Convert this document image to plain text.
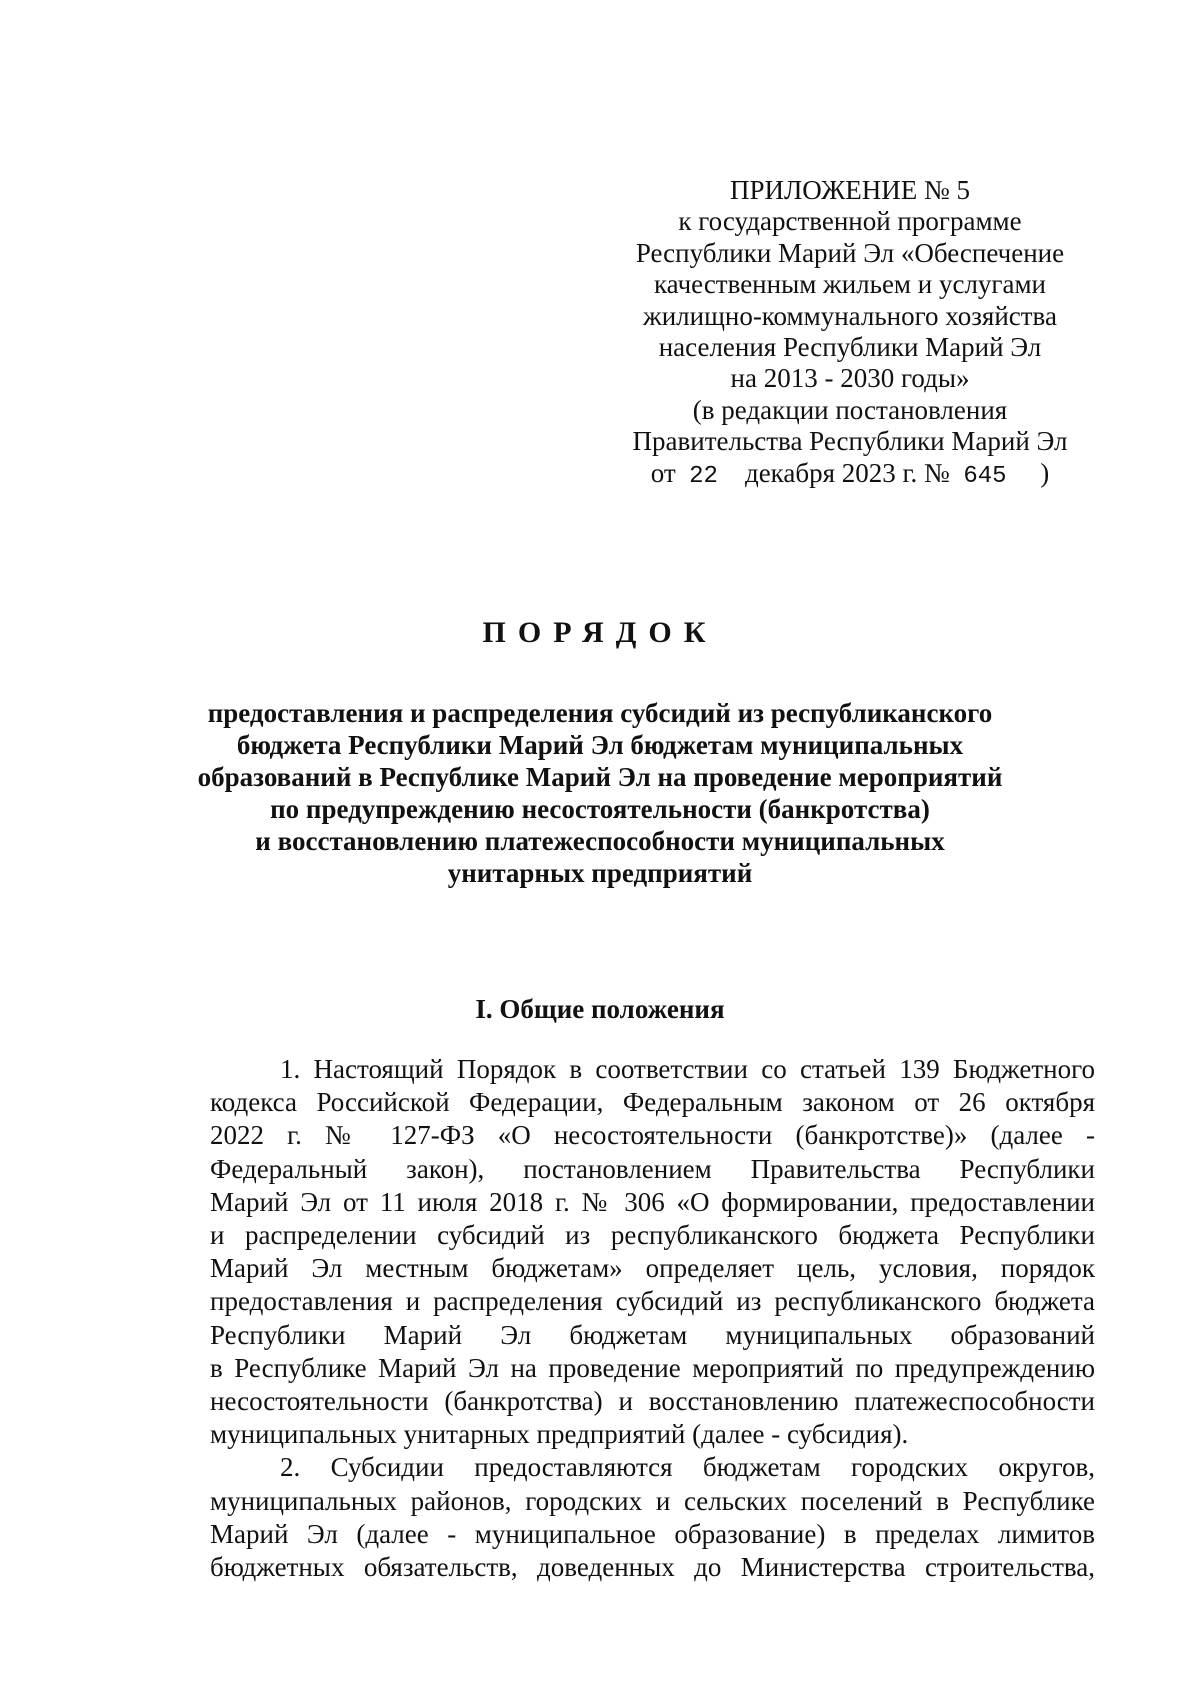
ПРИЛОЖЕНИЕ № 5
к государственной программе
Республики Марий Эл «Обеспечение
качественным жильем и услугами
жилищно-коммунального хозяйства
населения Республики Марий Эл
на 2013 - 2030 годы»
(в редакции постановления
Правительства Республики Марий Эл
от 22 декабря 2023 г. № 645 )
ПОРЯДОК
предоставления и распределения субсидий из республиканского
бюджета Республики Марий Эл бюджетам муниципальных
образований в Республике Марий Эл на проведение мероприятий
по предупреждению несостоятельности (банкротства)
и восстановлению платежеспособности муниципальных
унитарных предприятий
I. Общие положения
1. Настоящий Порядок в соответствии со статьей 139 Бюджетного
кодекса Российской Федерации, Федеральным законом от 26 октября
2022 г. № 127-ФЗ «О несостоятельности (банкротстве)» (далее -
Федеральный закон), постановлением Правительства Республики
Марий Эл от 11 июля 2018 г. № 306 «О формировании, предоставлении
и распределении субсидий из республиканского бюджета Республики
Марий Эл местным бюджетам» определяет цель, условия, порядок
предоставления и распределения субсидий из республиканского бюджета
Республики Марий Эл бюджетам муниципальных образований
в Республике Марий Эл на проведение мероприятий по предупреждению
несостоятельности (банкротства) и восстановлению платежеспособности
муниципальных унитарных предприятий (далее - субсидия).
2. Субсидии предоставляются бюджетам городских округов,
муниципальных районов, городских и сельских поселений в Республике
Марий Эл (далее - муниципальное образование) в пределах лимитов
бюджетных обязательств, доведенных до Министерства строительства,
